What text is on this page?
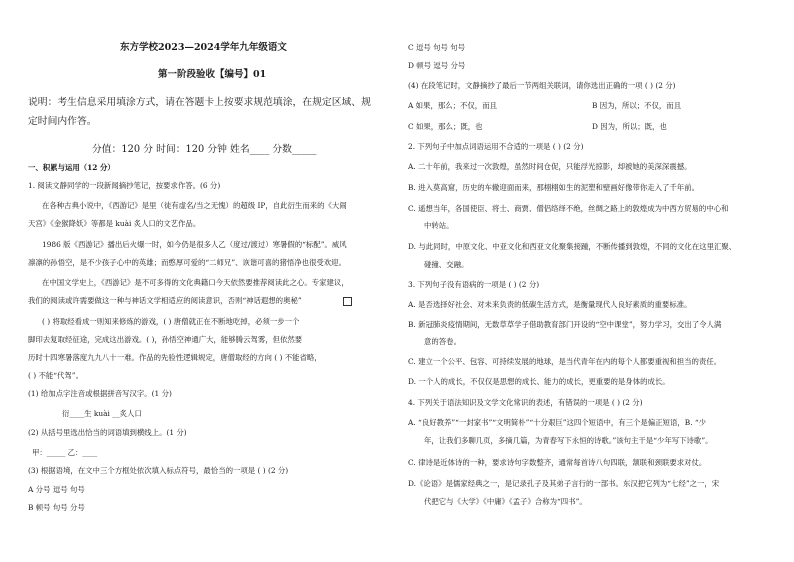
东方学校2023—2024学年九年级语文
第一阶段验收【编号】01
说明：考生信息采用填涂方式，请在答题卡上按要求规范填涂，在规定区域、规
定时间内作答。
分值：120 分 时间：120 分钟 姓名____ 分数_____
一、积累与运用（12 分）
1. 阅读文静同学的一段新闻摘抄笔记，按要求作答。(6 分)
在各种古典小说中，《西游记》是里（徒有虚名/当之无愧）的超级 IP，自此衍生而来的《大闹
天宫》《金猴降妖》等都是 kuài 炙人口的文艺作品。
1986 版《西游记》播出后火爆一时，如今仍是很多人乙（度过/渡过）寒暑假的“标配”。威风
凛凛的孙悟空，是不少孩子心中的英雄；而憨厚可爱的“二师兄”、诙谐可喜的猪悟净也很受欢迎。
在中国文学史上，《西游记》是不可多得的文化典籍口今天依然要推荐阅读此之心。专家建议，
我们的阅读或许需要做这一种与神话文学相适应的阅读意识，否则“神话遐想的奥秘”
( ) 将取经看成一则知来修炼的游戏，( ) 唐僧就正在不断地吃掉，必须一步一个
脚印去复取经征途，完成这出游戏。( )，孙悟空神通广大，能够腾云驾雾，但依然要
历时十四寒暑落度九九八十一难。作品的先验性逻辑规定，唐僧取经的方向 ( ) 不能省略，
( ) 不能“代驾”。
(1) 给加点字注音或根据拼音写汉字。(1 分)
衍____生 kuài __炙人口
(2) 从括号里选出恰当的词语填到横线上。(1 分)
甲：_____ 乙：____
(3) 根据语境，在文中三个方框处依次填入标点符号，最恰当的一项是 ( ) (2 分)
A 分号 逗号 句号
B 顿号 句号 分号
C 逗号 句号 句号
D 顿号 逗号 分号
(4) 在段笔记时，文静摘抄了最后一节两组关联词，请你选出正确的一项 ( ) (2 分)
A 如果，那么；不仅，而且	B 因为，所以；不仅，而且
C 如果，那么；既，也	D 因为，所以；既，也
2. 下列句子中加点词语运用不合适的一项是 ( ) (2 分)
A. 二十年前，我来过一次敦煌，虽然时间仓促，只能浮光掠影，却被她的美深深震撼。
B. 进入莫高窟，历史的车辙迎面而来，那栩栩如生的泥塑和壁画好像带你走入了千年前。
C. 遥想当年，各国使臣、将士、商贾、僧侣络绎不绝，丝绸之路上的敦煌成为中西方贸易的中心和
中转站。
D. 与此同时，中原文化、中亚文化和西亚文化聚集接踵，不断传播到敦煌，不同的文化在这里汇聚、
碰撞、交融。
3. 下列句子没有语病的一项是 ( ) (2 分)
A. 是否选择好社会、对未来负责的低碳生活方式，是衡量现代人良好素质的重要标准。
B. 新冠肺炎疫情期间，无数草草学子借助教育部门开设的“空中课堂”，努力学习，交出了令人满
意的答卷。
C. 建立一个公平、包容、可持续发展的地球，是当代青年在内的每个人都要重视和担当的责任。
D. 一个人的成长，不仅仅是思想的成长、能力的成长，更重要的是身体的成长。
4. 下列关于语法知识及文学文化常识的表述，有错误的一项是 ( ) (2 分)
A. “良好教养”“一封家书”“文明简朴”“十分艰巨”这四个短语中，有三个是偏正短语，B. “少
年，让我们多聊几页，多摘几篇，为青春写下永恒的诗歌。”该句主干是“少年写下诗歌”。
C. 律诗是近体诗的一种，要求诗句字数整齐，通常每首诗八句四联，颔联和颈联要求对仗。
D.《论语》是儒家经典之一，是记录孔子及其弟子言行的一部书。东汉把它列为“七经”之一，宋
代把它与《大学》《中庸》《孟子》合称为“四书”。
